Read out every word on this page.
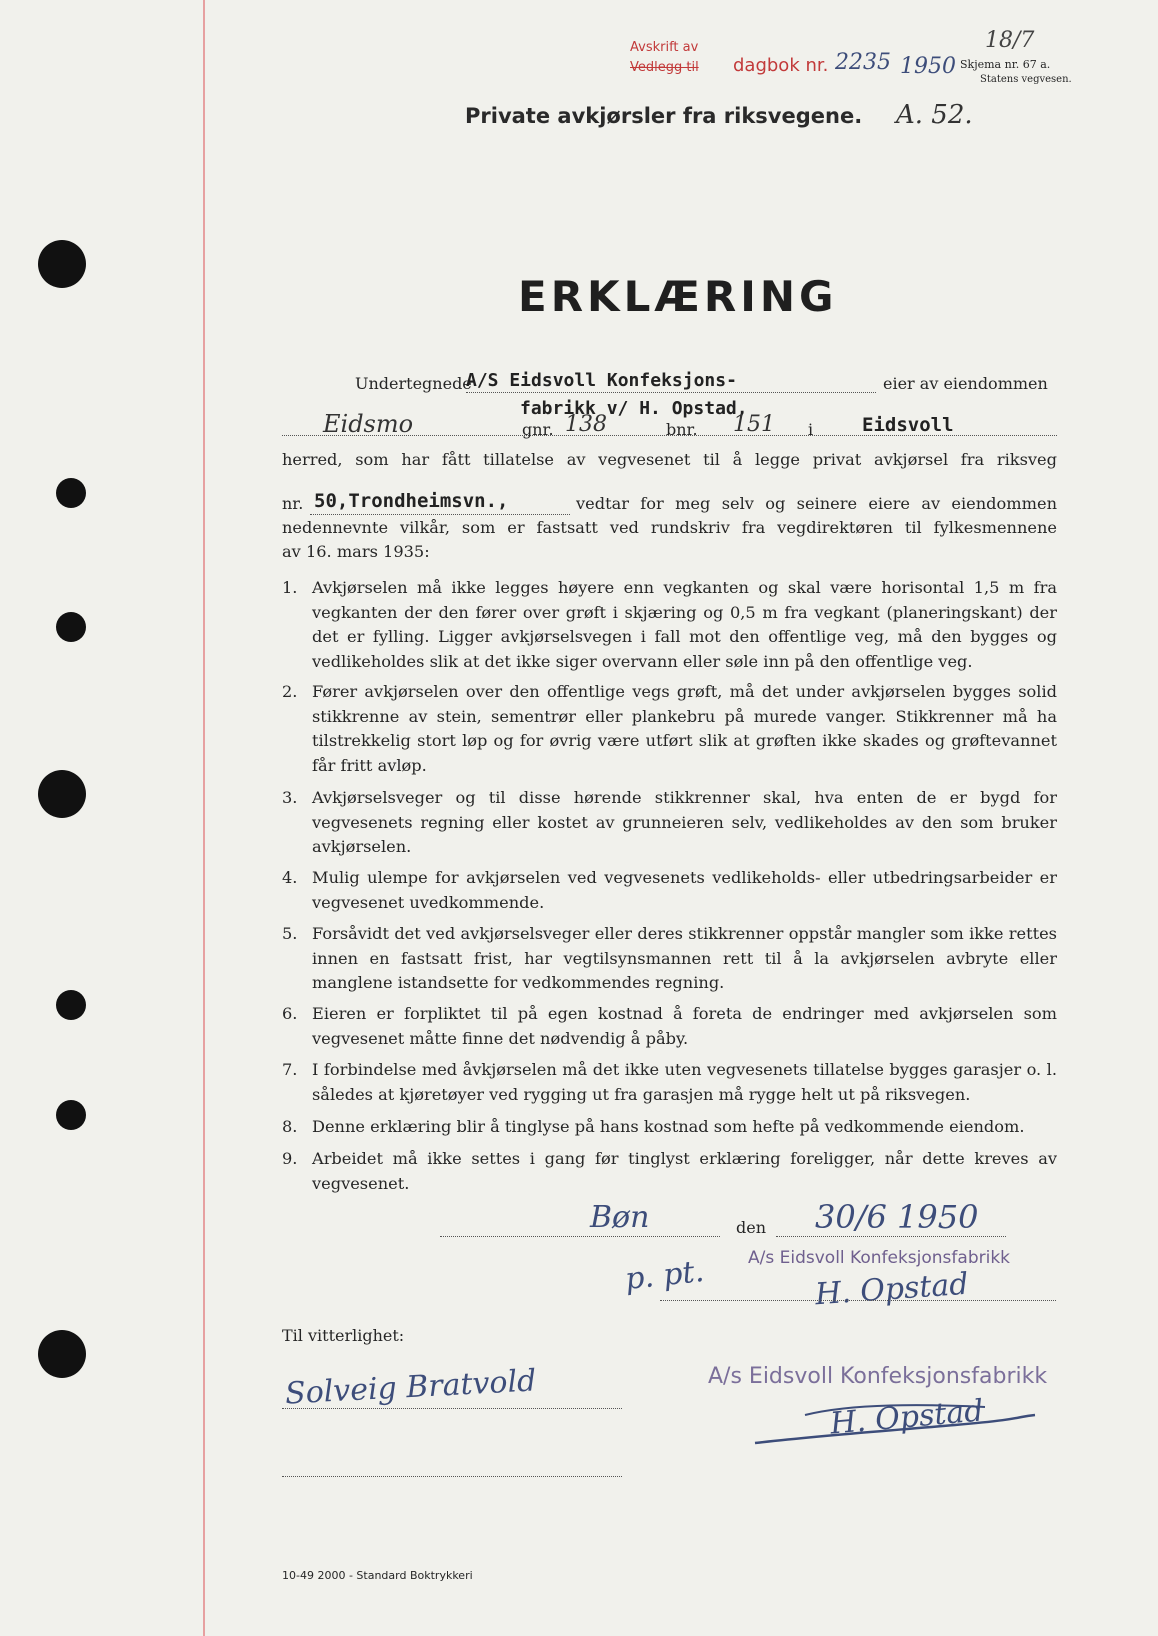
Avskrift av
Vedlegg til dagbok nr. 2235 1950
18/7
Skjema nr. 67 a.
Statens vegvesen.
Private avkjørsler fra riksvegene. A. 52.
ERKLÆRING
Undertegnede
A/S Eidsvoll Konfeksjons-	eier av eiendommen
fabrikk v/ H. Opstad,
Eidsmo	gnr. 138	bnr. 151 i	Eidsvoll
herred, som har fått tillatelse av vegvesenet til å legge privat avkjørsel fra riksveg
nr. 50,Trondheimsvn.,	vedtar for meg selv og seinere eiere av eiendommen
nedennevnte vilkår, som er fastsatt ved rundskriv fra vegdirektøren til fylkesmennene
av 16. mars 1935:
1. Avkjørselen må ikke legges høyere enn vegkanten og skal være horisontal 1,5 m fra vegkanten der den fører over grøft i skjæring og 0,5 m fra vegkant (planeringskant) der det er fylling. Ligger avkjørselsvegen i fall mot den offentlige veg, må den bygges og vedlikeholdes slik at det ikke siger overvann eller søle inn på den offentlige veg.
2. Fører avkjørselen over den offentlige vegs grøft, må det under avkjørselen bygges solid stikkrenne av stein, sementrør eller plankebru på murede vanger. Stikkrenner må ha tilstrekkelig stort løp og for øvrig være utført slik at grøften ikke skades og grøftevannet får fritt avløp.
3. Avkjørselsveger og til disse hørende stikkrenner skal, hva enten de er bygd for vegvesenets regning eller kostet av grunneieren selv, vedlikeholdes av den som bruker avkjørselen.
4. Mulig ulempe for avkjørselen ved vegvesenets vedlikeholds- eller utbedringsarbeider er vegvesenet uvedkommende.
5. Forsåvidt det ved avkjørselsveger eller deres stikkrenner oppstår mangler som ikke rettes innen en fastsatt frist, har vegtilsynsmannen rett til å la avkjørselen avbryte eller manglene istandsette for vedkommendes regning.
6. Eieren er forpliktet til på egen kostnad å foreta de endringer med avkjørselen som vegvesenet måtte finne det nødvendig å påby.
7. I forbindelse med åvkjørselen må det ikke uten vegvesenets tillatelse bygges garasjer o. l. således at kjøretøyer ved rygging ut fra garasjen må rygge helt ut på riksvegen.
8. Denne erklæring blir å tinglyse på hans kostnad som hefte på vedkommende eiendom.
9. Arbeidet må ikke settes i gang før tinglyst erklæring foreligger, når dette kreves av vegvesenet.
Bøn	den 30/6 1950
p. pt. A/s Eidsvoll Konfeksjonsfabrikk
H. Opstad
Til vitterlighet:
Solveig Bratvold	A/s Eidsvoll Konfeksjonsfabrikk
H. Opstad
10-49 2000 - Standard Boktrykkeri
